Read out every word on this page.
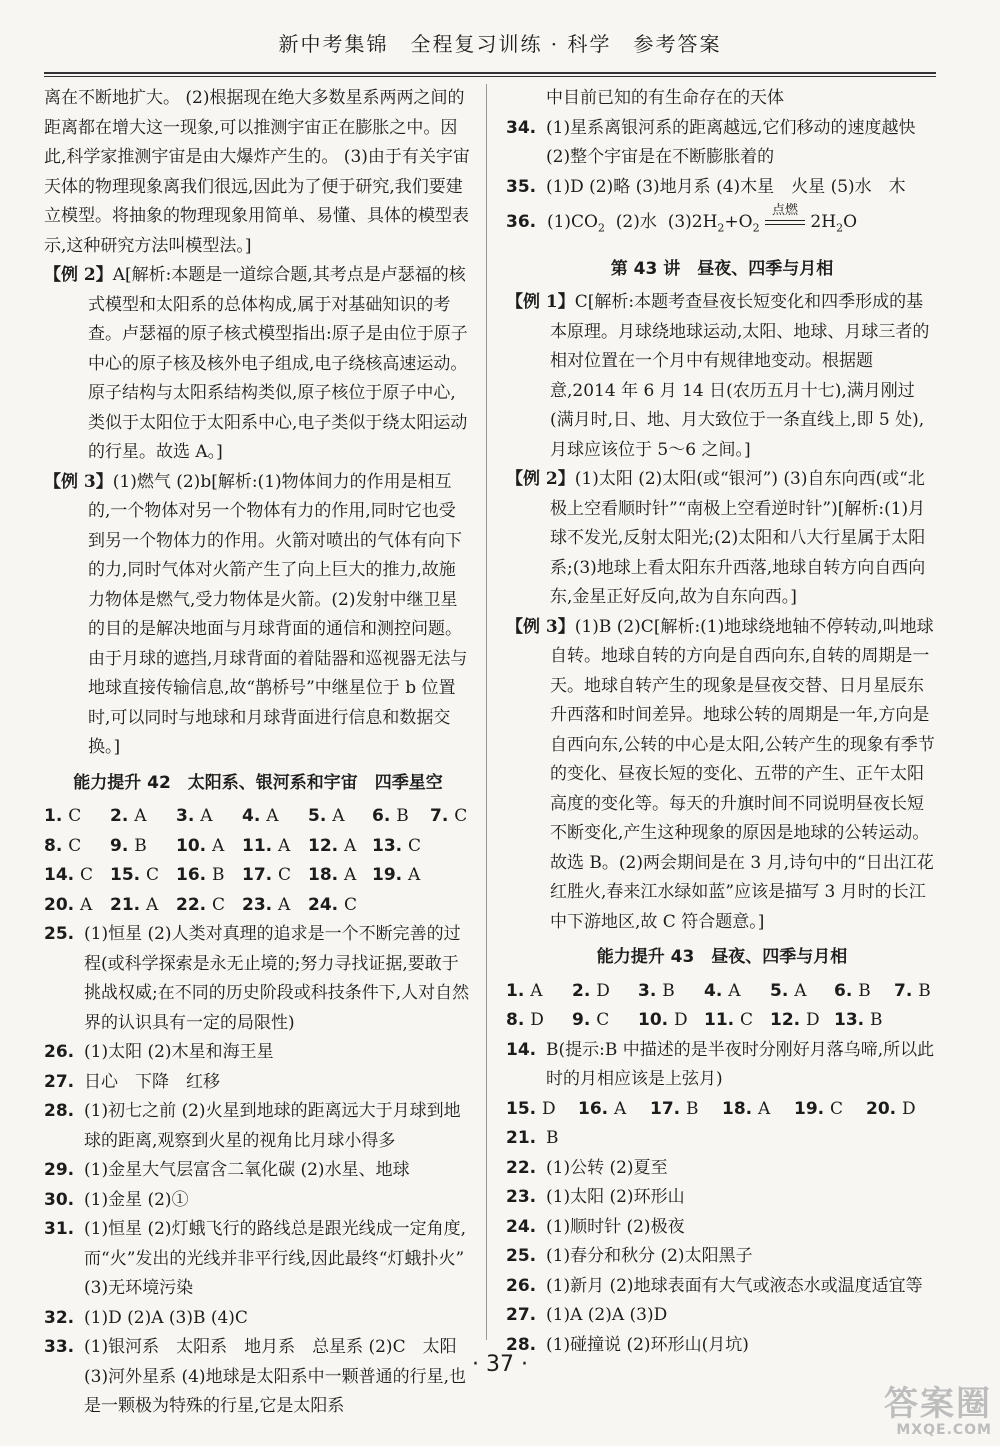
新中考集锦　全程复习训练 · 科学　参考答案

离在不断地扩大。 (2)根据现在绝大多数星系两两之间的距离都在增大这一现象,可以推测宇宙正在膨胀之中。因此,科学家推测宇宙是由大爆炸产生的。 (3)由于有关宇宙天体的物理现象离我们很远,因此为了便于研究,我们要建立模型。将抽象的物理现象用简单、易懂、具体的模型表示,这种研究方法叫模型法。]

【例 2】A[解析:本题是一道综合题,其考点是卢瑟福的核式模型和太阳系的总体构成,属于对基础知识的考查。卢瑟福的原子核式模型指出:原子是由位于原子中心的原子核及核外电子组成,电子绕核高速运动。原子结构与太阳系结构类似,原子核位于原子中心,类似于太阳位于太阳系中心,电子类似于绕太阳运动的行星。故选 A。]

【例 3】(1)燃气 (2)b[解析:(1)物体间力的作用是相互的,一个物体对另一个物体有力的作用,同时它也受到另一个物体力的作用。火箭对喷出的气体有向下的力,同时气体对火箭产生了向上巨大的推力,故施力物体是燃气,受力物体是火箭。(2)发射中继卫星的目的是解决地面与月球背面的通信和测控问题。由于月球的遮挡,月球背面的着陆器和巡视器无法与地球直接传输信息,故“鹊桥号”中继星位于 b 位置时,可以同时与地球和月球背面进行信息和数据交换。]

能力提升 42　太阳系、银河系和宇宙　四季星空
1. C	2. A	3. A	4. A	5. A	6. B	7. C
8. C	9. B	10. A	11. A	12. A 13. C
14. C 15. C 16. B	17. C 18. A 19. A
20. A	21. A	22. C 23. A	24. C

25. (1)恒星 (2)人类对真理的追求是一个不断完善的过程(或科学探索是永无止境的;努力寻找证据,要敢于挑战权威;在不同的历史阶段或科技条件下,人对自然界的认识具有一定的局限性)

26. (1)太阳 (2)木星和海王星

27. 日心　下降　红移

28. (1)初七之前 (2)火星到地球的距离远大于月球到地球的距离,观察到火星的视角比月球小得多

29. (1)金星大气层富含二氧化碳 (2)水星、地球

30. (1)金星 (2)①

31. (1)恒星 (2)灯蛾飞行的路线总是跟光线成一定角度,而“火”发出的光线并非平行线,因此最终“灯蛾扑火” (3)无环境污染

32. (1)D (2)A (3)B (4)C

33. (1)银河系　太阳系　地月系　总星系 (2)C　太阳 (3)河外星系 (4)地球是太阳系中一颗普通的行星,也是一颗极为特殊的行星,它是太阳系

中目前已知的有生命存在的天体

34. (1)星系离银河系的距离越远,它们移动的速度越快 (2)整个宇宙是在不断膨胀着的

35. (1)D (2)略 (3)地月系 (4)木星　火星 (5)水　木

36. $(1)CO_2$ (2)水 $(3)2H_2+O_2$
点燃
$2H_2O$

第 43 讲　昼夜、四季与月相

【例 1】C[解析:本题考查昼夜长短变化和四季形成的基本原理。月球绕地球运动,太阳、地球、月球三者的相对位置在一个月中有规律地变动。根据题意,2014 年 6 月 14 日(农历五月十七),满月刚过(满月时,日、地、月大致位于一条直线上,即 5 处),月球应该位于 5～6 之间。]

【例 2】(1)太阳 (2)太阳(或“银河”) (3)自东向西(或“北极上空看顺时针”“南极上空看逆时针”)[解析:(1)月球不发光,反射太阳光;(2)太阳和八大行星属于太阳系;(3)地球上看太阳东升西落,地球自转方向自西向东,金星正好反向,故为自东向西。]

【例 3】(1)B (2)C[解析:(1)地球绕地轴不停转动,叫地球自转。地球自转的方向是自西向东,自转的周期是一天。地球自转产生的现象是昼夜交替、日月星辰东升西落和时间差异。地球公转的周期是一年,方向是自西向东,公转的中心是太阳,公转产生的现象有季节的变化、昼夜长短的变化、五带的产生、正午太阳高度的变化等。每天的升旗时间不同说明昼夜长短不断变化,产生这种现象的原因是地球的公转运动。故选 B。(2)两会期间是在 3 月,诗句中的“日出江花红胜火,春来江水绿如蓝”应该是描写 3 月时的长江中下游地区,故 C 符合题意。]

能力提升 43　昼夜、四季与月相
1. A	2. D	3. B	4. A	5. A	6. B	7. B
8. D	9. C	10. D 11. C 12. D 13. B

14. B(提示:B 中描述的是半夜时分刚好月落乌啼,所以此时的月相应该是上弦月)

15. D	16. A	17. B	18. A	19. C	20. D

21. B

22. (1)公转 (2)夏至

23. (1)太阳 (2)环形山

24. (1)顺时针 (2)极夜

25. (1)春分和秋分 (2)太阳黑子

26. (1)新月 (2)地球表面有大气或液态水或温度适宜等

27. (1)A (2)A (3)D

28. (1)碰撞说 (2)环形山(月坑)

· 37 ·
答案圈
MXQE.COM
